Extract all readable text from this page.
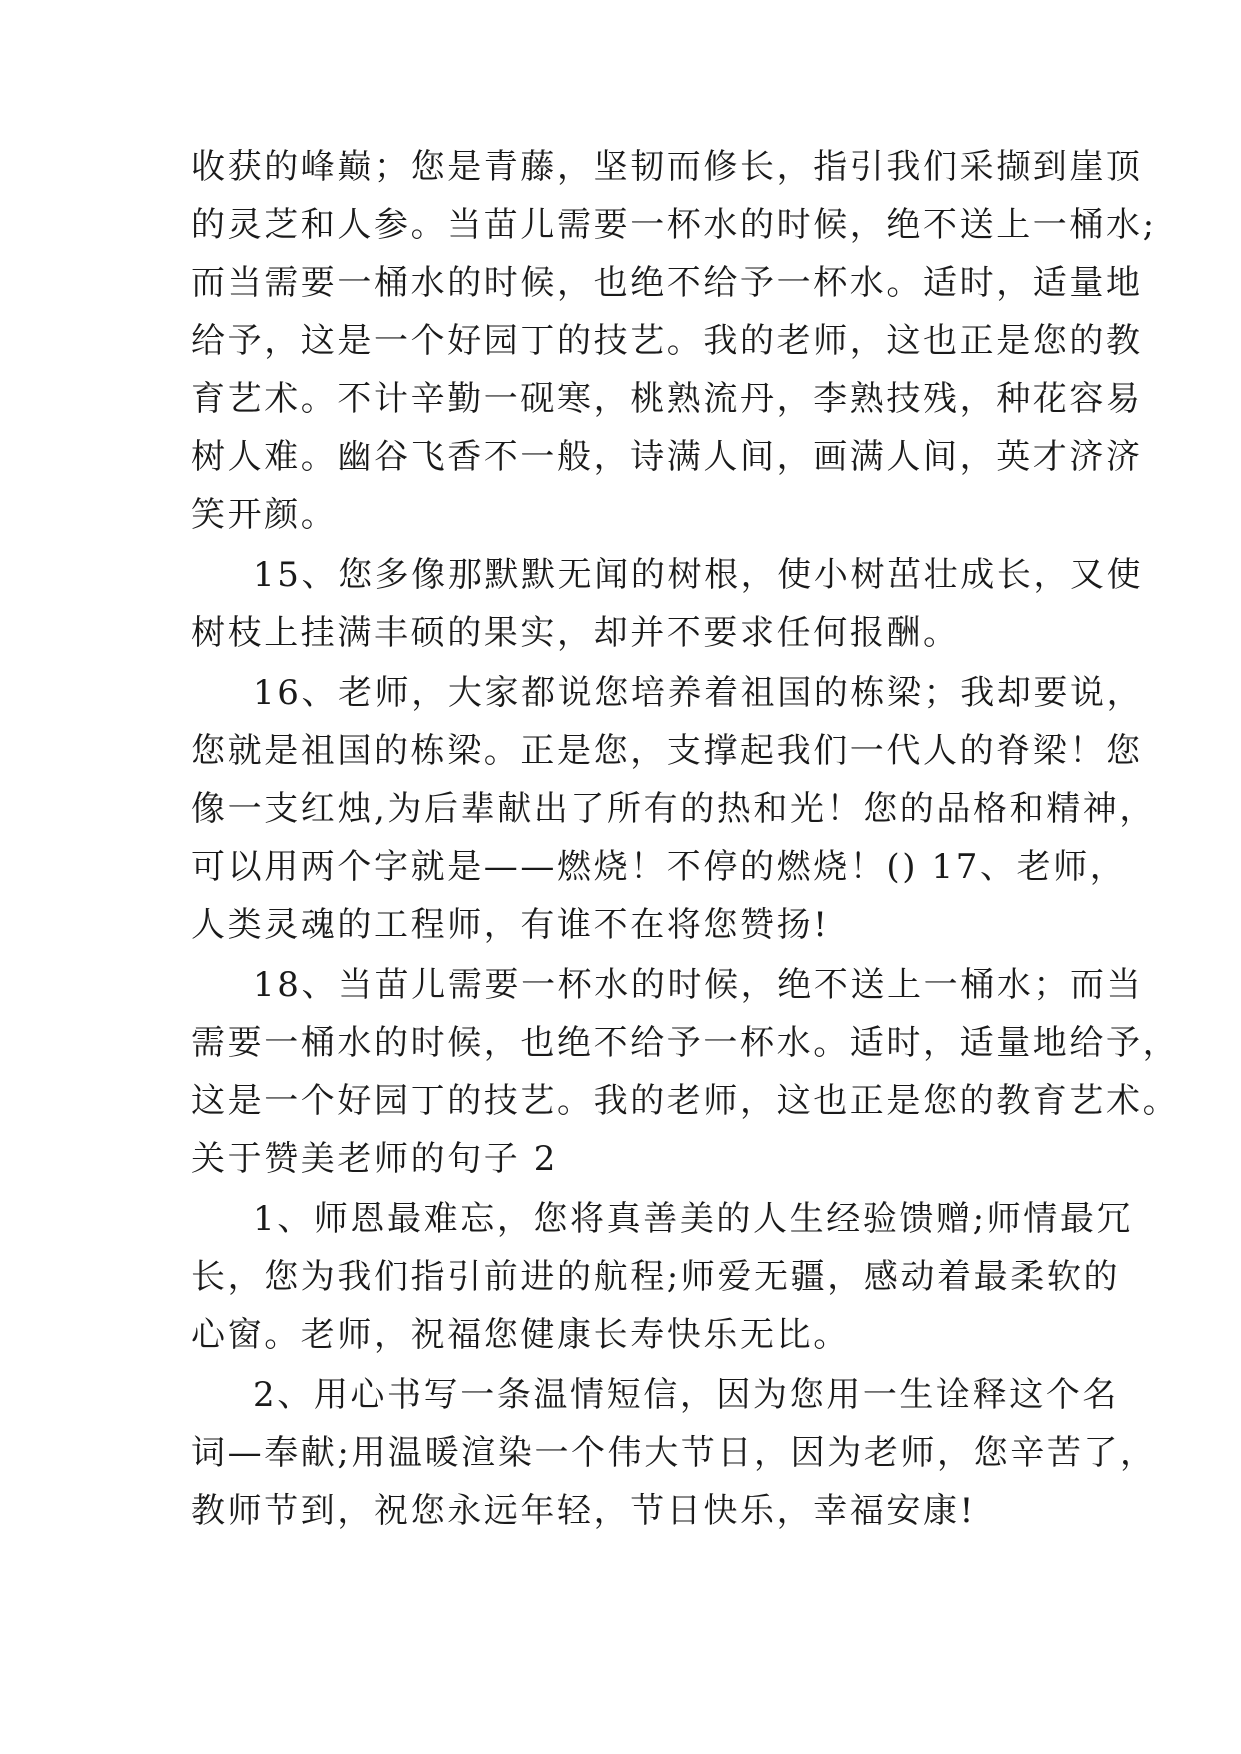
收获的峰巅；您是青藤，坚韧而修长，指引我们采撷到崖顶
的灵芝和人参。当苗儿需要一杯水的时候，绝不送上一桶水;
而当需要一桶水的时候，也绝不给予一杯水。适时，适量地
给予，这是一个好园丁的技艺。我的老师，这也正是您的教
育艺术。不计辛勤一砚寒，桃熟流丹，李熟技残，种花容易
树人难。幽谷飞香不一般，诗满人间，画满人间，英才济济
笑开颜。
15、您多像那默默无闻的树根，使小树茁壮成长，又使
树枝上挂满丰硕的果实，却并不要求任何报酬。
16、老师，大家都说您培养着祖国的栋梁；我却要说，
您就是祖国的栋梁。正是您，支撑起我们一代人的脊梁！您
像一支红烛,为后辈献出了所有的热和光！您的品格和精神，
可以用两个字就是——燃烧！不停的燃烧！() 17、老师，
人类灵魂的工程师，有谁不在将您赞扬!
18、当苗儿需要一杯水的时候，绝不送上一桶水；而当
需要一桶水的时候，也绝不给予一杯水。适时，适量地给予，
这是一个好园丁的技艺。我的老师，这也正是您的教育艺术。
关于赞美老师的句子 2
1、师恩最难忘，您将真善美的人生经验馈赠;师情最冗
长，您为我们指引前进的航程;师爱无疆，感动着最柔软的
心窗。老师，祝福您健康长寿快乐无比。
2、用心书写一条温情短信，因为您用一生诠释这个名
词—奉献;用温暖渲染一个伟大节日，因为老师，您辛苦了，
教师节到，祝您永远年轻，节日快乐，幸福安康!
